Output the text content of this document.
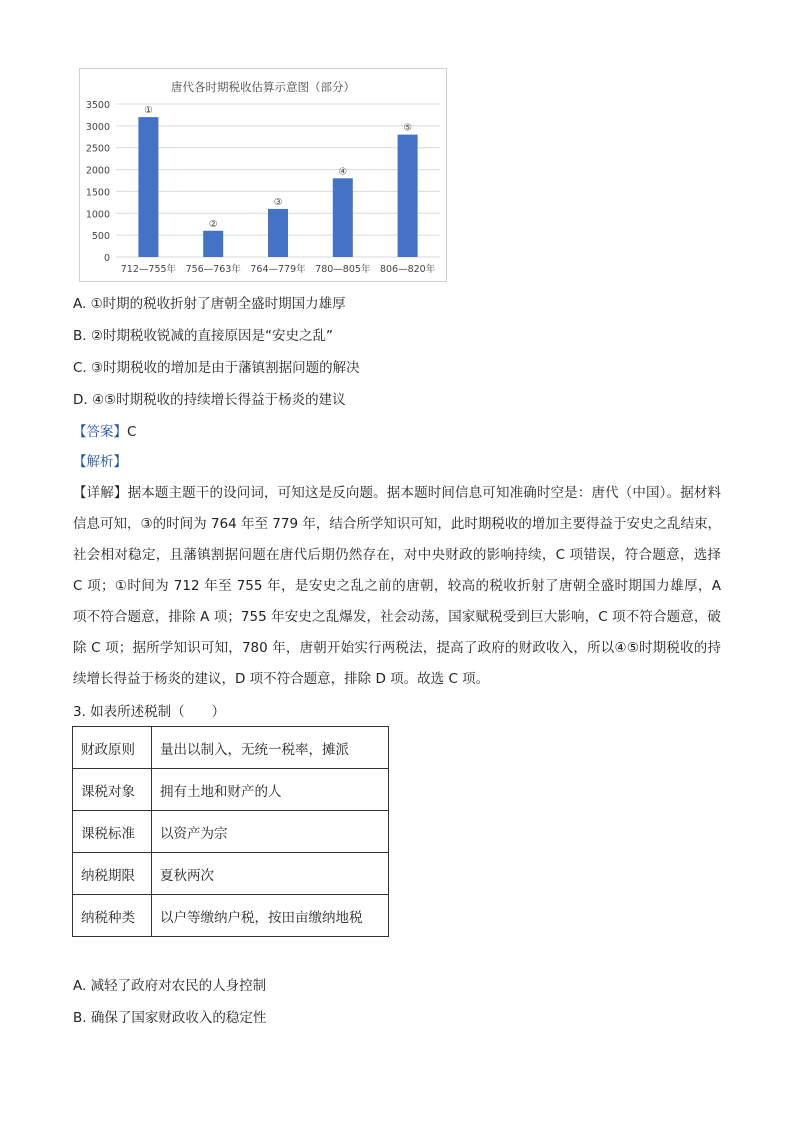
唐代各时期税收估算示意图（部分）
3500
3000
2500
2000
1500
1000
500
0
①
712—755年
②
756—763年
③
764—779年
④
780—805年
⑤
806—820年
A. ①时期的税收折射了唐朝全盛时期国力雄厚
B. ②时期税收锐减的直接原因是“安史之乱”
C. ③时期税收的增加是由于藩镇割据问题的解决
D. ④⑤时期税收的持续增长得益于杨炎的建议
【答案】C
【解析】
【详解】据本题主题干的设问词，可知这是反向题。据本题时间信息可知准确时空是：唐代（中国）。据材料信息可知，③的时间为 764 年至 779 年，结合所学知识可知，此时期税收的增加主要得益于安史之乱结束，社会相对稳定，且藩镇割据问题在唐代后期仍然存在，对中央财政的影响持续，C 项错误，符合题意，选择 C 项；①时间为 712 年至 755 年，是安史之乱之前的唐朝，较高的税收折射了唐朝全盛时期国力雄厚，A 项不符合题意，排除 A 项；755 年安史之乱爆发，社会动荡，国家赋税受到巨大影响，C 项不符合题意，破除 C 项；据所学知识可知，780 年，唐朝开始实行两税法，提高了政府的财政收入，所以④⑤时期税收的持续增长得益于杨炎的建议，D 项不符合题意，排除 D 项。故选 C 项。
3. 如表所述税制（　　）
财政原则	量出以制入，无统一税率，摊派
课税对象	拥有土地和财产的人
课税标准	以资产为宗
纳税期限	夏秋两次
纳税种类	以户等缴纳户税，按田亩缴纳地税
A. 减轻了政府对农民的人身控制
B. 确保了国家财政收入的稳定性
